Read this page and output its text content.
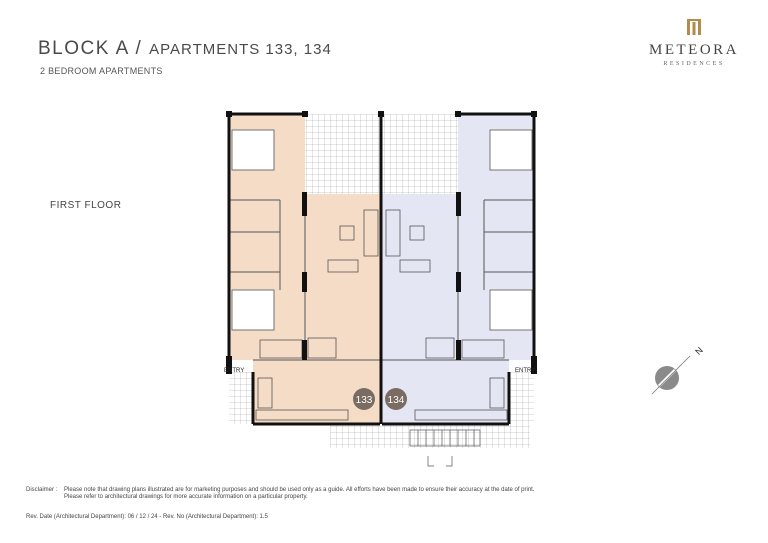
BLOCK A / APARTMENTS 133, 134
2 BEDROOM APARTMENTS
METEORA
RESIDENCES
FIRST FLOOR
ENTRY	ENTRY
133 134
N
Disclaimer : Please note that drawing plans illustrated are for marketing purposes and should be used only as a guide. All efforts have been made to ensure their accuracy at the date of print.
Please refer to architectural drawings for more accurate information on a particular property.
Rev. Date (Architectural Department): 06 / 12 / 24 - Rev. No (Architectural Department): 1.5
